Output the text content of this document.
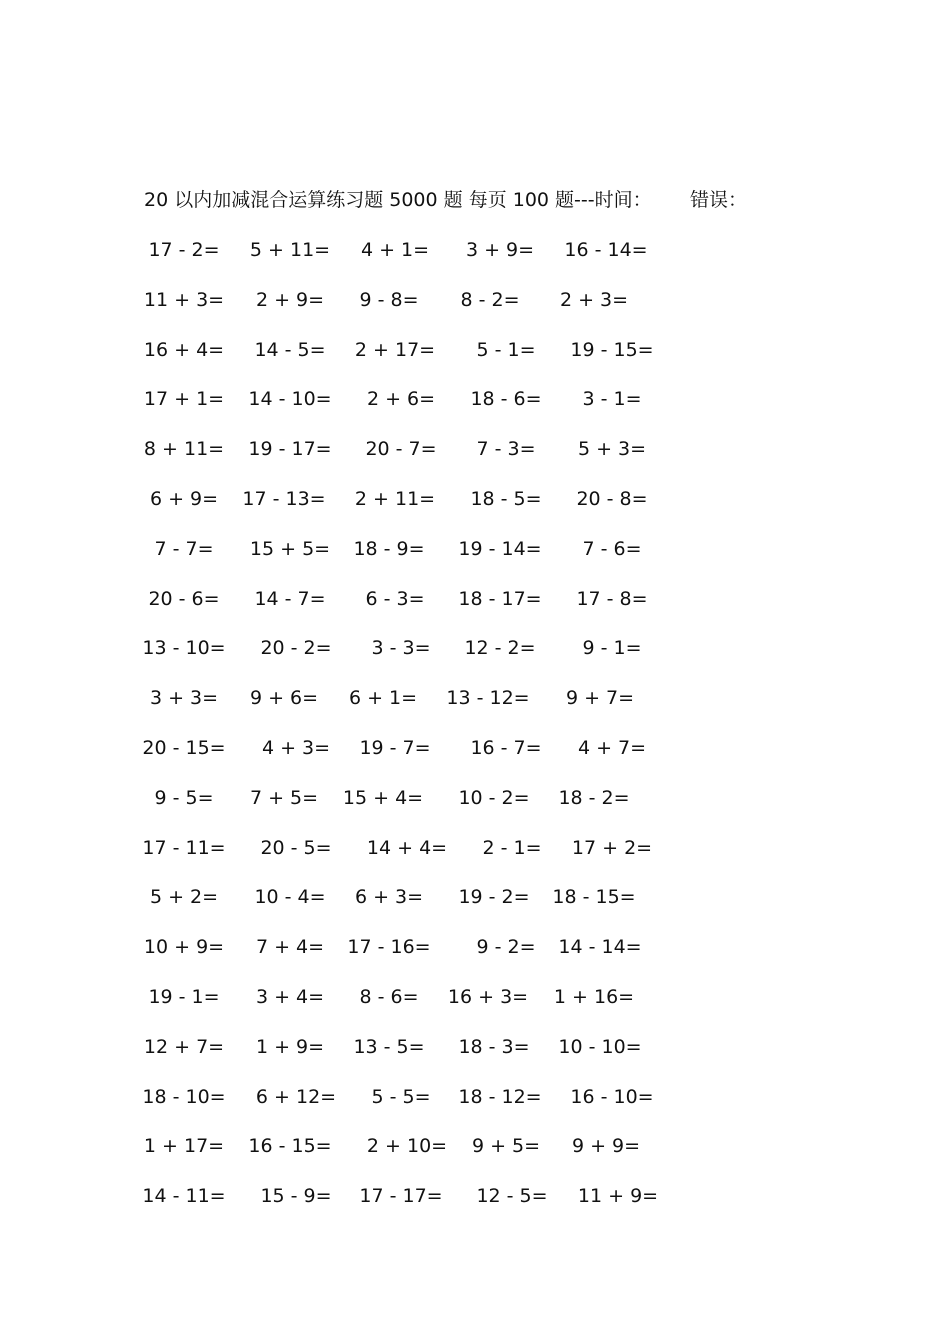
20 以内加减混合运算练习题 5000 题 每页 100 题---时间： 错误：
17 - 2=	5 + 11=	4 + 1=	3 + 9=	16 - 14=
11 + 3=	2 + 9=	9 - 8=	8 - 2=	2 + 3=
16 + 4=	14 - 5=	2 + 17=	5 - 1=	19 - 15=
17 + 1=	14 - 10=	2 + 6=	18 - 6=	3 - 1=
8 + 11=	19 - 17=	20 - 7=	7 - 3=	5 + 3=
6 + 9=	17 - 13=	2 + 11=	18 - 5=	20 - 8=
7 - 7=	15 + 5=	18 - 9=	19 - 14=	7 - 6=
20 - 6=	14 - 7=	6 - 3=	18 - 17=	17 - 8=
13 - 10=	20 - 2=	3 - 3=	12 - 2=	9 - 1=
3 + 3=	9 + 6=	6 + 1=	13 - 12=	9 + 7=
20 - 15=	4 + 3=	19 - 7=	16 - 7=	4 + 7=
9 - 5=	7 + 5=	15 + 4=	10 - 2=	18 - 2=
17 - 11=	20 - 5=	14 + 4=	2 - 1=	17 + 2=
5 + 2=	10 - 4=	6 + 3=	19 - 2=	18 - 15=
10 + 9=	7 + 4=	17 - 16=	9 - 2=	14 - 14=
19 - 1=	3 + 4=	8 - 6=	16 + 3=	1 + 16=
12 + 7=	1 + 9=	13 - 5=	18 - 3=	10 - 10=
18 - 10=	6 + 12=	5 - 5=	18 - 12=	16 - 10=
1 + 17=	16 - 15=	2 + 10=	9 + 5=	9 + 9=
14 - 11=	15 - 9=	17 - 17=	12 - 5=	11 + 9=
